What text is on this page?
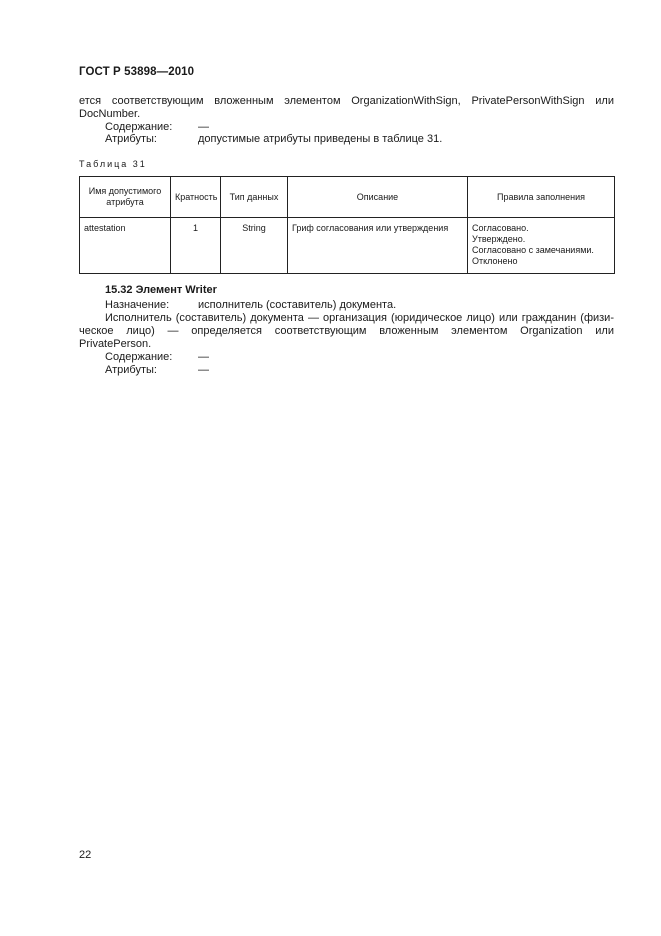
ГОСТ Р 53898—2010
ется соответствующим вложенным элементом OrganizationWithSign, PrivatePersonWithSign или
DocNumber.
Содержание: —
Атрибуты:	допустимые атрибуты приведены в таблице 31.
Таблица 31
Имя допустимого атрибута	Кратность	Тип данных	Описание	Правила заполнения
attestation	1	String	Гриф согласования или утверждения	Согласовано.
Утверждено.
Согласовано с замечаниями.
Отклонено
15.32 Элемент Writer
Назначение:	исполнитель (составитель) документа.
Исполнитель (составитель) документа — организация (юридическое лицо) или гражданин (физи-
ческое лицо) — определяется соответствующим вложенным элементом Organization или
PrivatePerson.
Содержание: —
Атрибуты:	—
22
